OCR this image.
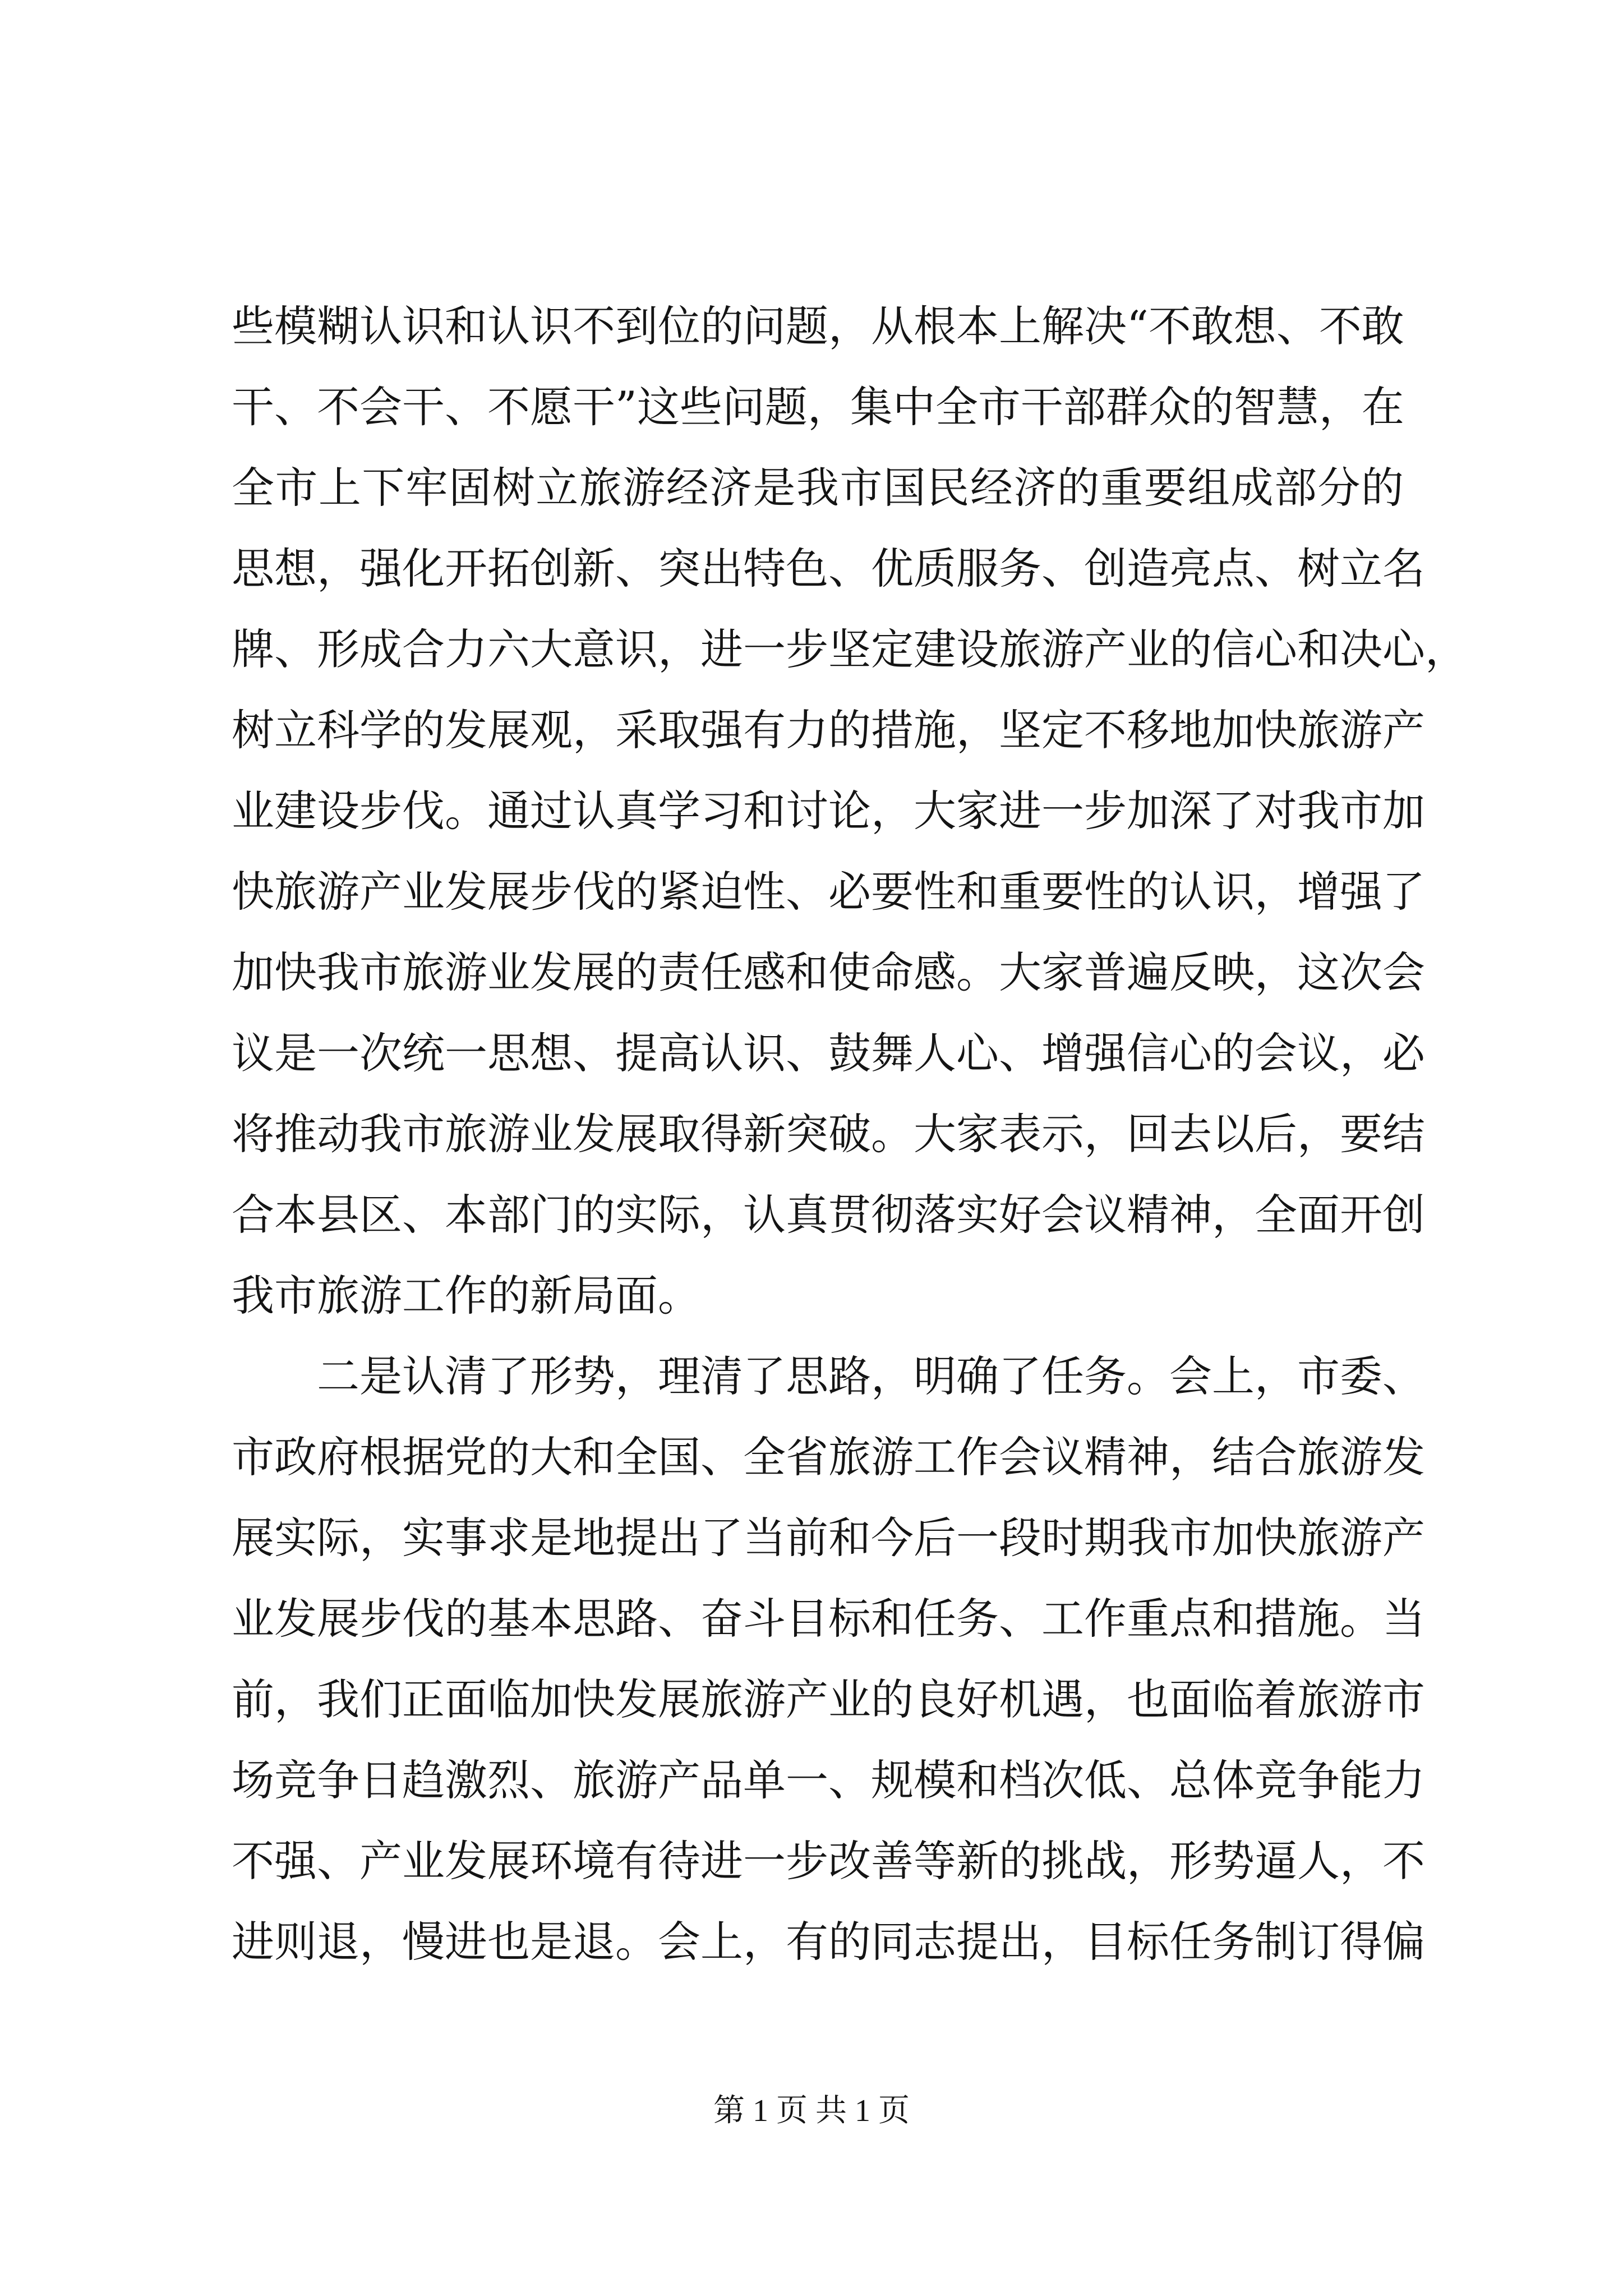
些模糊认识和认识不到位的问题，从根本上解决“不敢想、不敢
干、不会干、不愿干”这些问题，集中全市干部群众的智慧，在
全市上下牢固树立旅游经济是我市国民经济的重要组成部分的
思想，强化开拓创新、突出特色、优质服务、创造亮点、树立名
牌、形成合力六大意识，进一步坚定建设旅游产业的信心和决心，
树立科学的发展观，采取强有力的措施，坚定不移地加快旅游产
业建设步伐。通过认真学习和讨论，大家进一步加深了对我市加
快旅游产业发展步伐的紧迫性、必要性和重要性的认识，增强了
加快我市旅游业发展的责任感和使命感。大家普遍反映，这次会
议是一次统一思想、提高认识、鼓舞人心、增强信心的会议，必
将推动我市旅游业发展取得新突破。大家表示，回去以后，要结
合本县区、本部门的实际，认真贯彻落实好会议精神，全面开创
我市旅游工作的新局面。
　　二是认清了形势，理清了思路，明确了任务。会上，市委、
市政府根据党的大和全国、全省旅游工作会议精神，结合旅游发
展实际，实事求是地提出了当前和今后一段时期我市加快旅游产
业发展步伐的基本思路、奋斗目标和任务、工作重点和措施。当
前，我们正面临加快发展旅游产业的良好机遇，也面临着旅游市
场竞争日趋激烈、旅游产品单一、规模和档次低、总体竞争能力
不强、产业发展环境有待进一步改善等新的挑战，形势逼人，不
进则退，慢进也是退。会上，有的同志提出，目标任务制订得偏
第 1 页 共 1 页
